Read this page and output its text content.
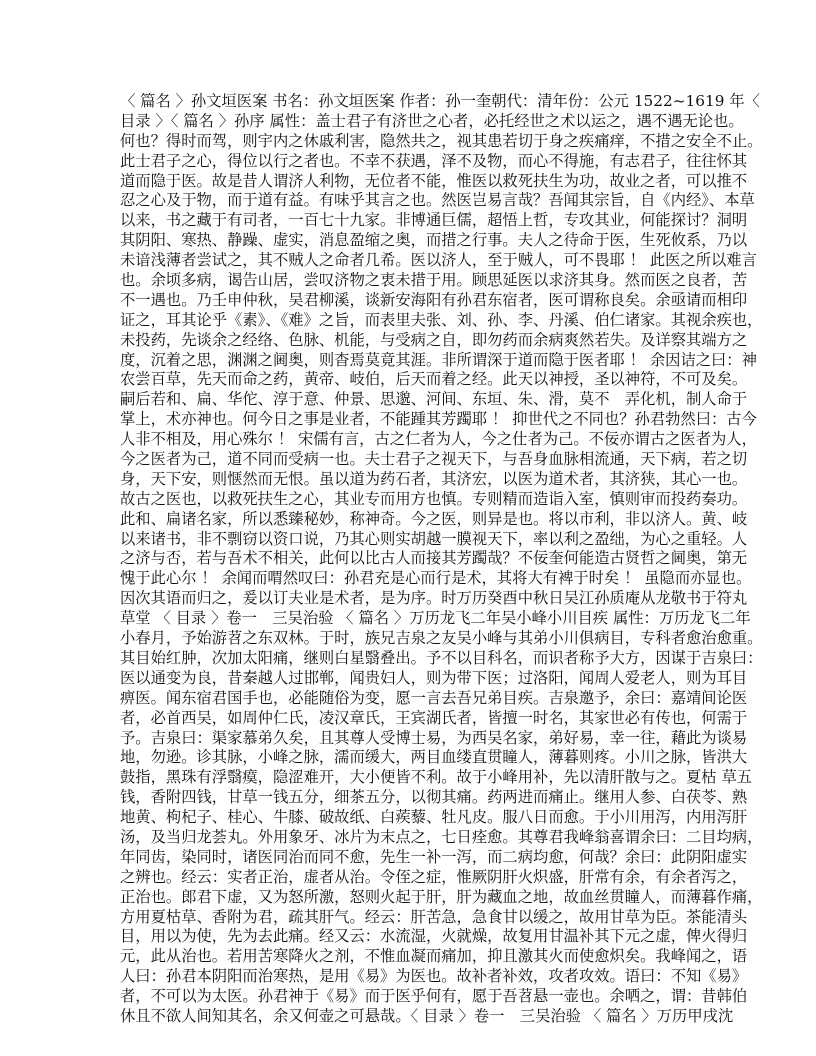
〈 篇名 〉孙文垣医案 书名：孙文垣医案 作者：孙一奎朝代：清年份：公元 1522~1619 年〈
目录 〉〈 篇名 〉孙序 属性：盖士君子有济世之心者，必托经世之术以运之，遇不遇无论也。
何也？得时而驾，则宇内之休戚利害，隐然共之，视其患若切于身之疾痛痒，不措之安全不止。
此士君子之心，得位以行之者也。不幸不获遇，泽不及物，而心不得施，有志君子，往往怀其
道而隐于医。故是昔人谓济人利物，无位者不能，惟医以救死扶生为功，故业之者，可以推不
忍之心及于物，而于道有益。有味乎其言之也。然医岂易言哉？吾闻其宗旨，自《内经》、本草
以来，书之藏于有司者，一百七十九家。非博通巨儒，超悟上哲，专攻其业，何能探讨？洞明
其阴阳、寒热、静躁、虚实，消息盈缩之奥，而措之行事。夫人之待命于医，生死攸系，乃以
未谙浅薄者尝试之，其不贼人之命者几希。医以济人，至于贼人，可不畏耶 ！ 此医之所以难言
也。余顷多病，谒告山居，尝叹济物之衷未措于用。顾思延医以求济其身。然而医之良者，苦
不一遇也。乃壬申仲秋，吴君柳溪，谈新安海阳有孙君东宿者，医可谓称良矣。余亟请而相印
证之，耳其论乎《素》、《难》之旨，而表里夫张、刘、孙、李、丹溪、伯仁诸家。其视余疾也，
未投药，先谈余之经络、色脉、机能，与受病之自，即勿药而余病爽然若失。及详察其端方之
度，沉着之思，渊渊之阃奥，则杳焉莫竟其涯。非所谓深于道而隐于医者耶 ！ 余因诘之曰：神
农尝百草，先天而命之药，黄帝、岐伯，后天而着之经。此天以神授，圣以神符，不可及矣。
嗣后若和、扁、华佗、淳于意、仲景、思邈、河间、东垣、朱、滑，莫不　弄化机，制人命于
掌上，术亦神也。何今日之事是业者，不能踵其芳躅耶 ！ 抑世代之不同也？孙君勃然曰：古今
人非不相及，用心殊尔 ！ 宋儒有言，古之仁者为人，今之仕者为己。不佞亦谓古之医者为人，
今之医者为己，道不同而受病一也。夫士君子之视天下，与吾身血脉相流通，天下病，若之切
身，天下安，则惬然而无恨。虽以道为药石者，其济宏，以医为道术者，其济狭，其心一也。
故古之医也，以救死扶生之心，其业专而用方也慎。专则精而造诣入室，慎则审而投药奏功。
此和、扁诸名家，所以悉臻秘妙，称神奇。今之医，则异是也。将以市利，非以济人。黄、岐
以来诸书，非不剽窃以资口说，乃其心则实胡越一膜视天下，率以利之盈绌，为心之重轻。人
之济与否，若与吾术不相关，此何以比古人而接其芳躅哉？不佞奎何能造古贤哲之阃奥，第无
愧于此心尔 ！ 余闻而喟然叹曰：孙君充是心而行是术，其将大有裨于时矣 ！ 虽隐而亦显也。
因次其语而归之，爰以订夫业是术者，是为序。时万历癸酉中秋日吴江孙质庵从龙敬书于符丸
草堂 〈 目录 〉卷一　三吴治验 〈 篇名 〉万历龙飞二年吴小峰小川目疾 属性：万历龙飞二年
小春月，予始游苕之东双林。于时，族兄吉泉之友吴小峰与其弟小川俱病目，专科者愈治愈重。
其目始红肿，次加太阳痛，继则白星翳叠出。予不以目科名，而识者称予大方，因谋于吉泉曰：
医以通变为良，昔秦越人过邯郸，闻贵妇人，则为带下医；过洛阳，闻周人爱老人，则为耳目
痹医。闻东宿君国手也，必能随俗为变，愿一言去吾兄弟目疾。吉泉邀予，余曰：嘉靖间论医
者，必首西吴，如周仲仁氏，凌汉章氏，王宾湖氏者，皆擅一时名，其家世必有传也，何需于
予。吉泉曰：渠家慕弟久矣，且其尊人受博士易，为西吴名家，弟好易，幸一往，藉此为谈易
地，勿逊。诊其脉，小峰之脉，濡而缓大，两目血缕直贯瞳人，薄暮则疼。小川之脉，皆洪大
鼓指，黑珠有浮翳瘼，隐涩难开，大小便皆不利。故于小峰用补，先以清肝散与之。夏枯 草五
钱，香附四钱，甘草一钱五分，细茶五分，以彻其痛。药两进而痛止。继用人参、白茯苓、熟
地黄、枸杞子、桂心、牛膝、破故纸、白蒺藜、牡凡皮。服八日而愈。于小川用泻，内用泻肝
汤，及当归龙荟丸。外用象牙、冰片为末点之，七日痊愈。其尊君我峰翁喜谓余曰：二目均病，
年同齿，染同时，诸医同治而同不愈，先生一补一泻，而二病均愈，何哉？余曰：此阴阳虚实
之辨也。经云：实者正治，虚者从治。令侄之症，惟厥阴肝火炽盛，肝常有余，有余者泻之，
正治也。郎君下虚，又为怒所激，怒则火起于肝，肝为藏血之地，故血丝贯瞳人，而薄暮作痛，
方用夏枯草、香附为君，疏其肝气。经云：肝苦急，急食甘以缓之，故用甘草为臣。茶能清头
目，用以为使，先为去此痛。经又云：水流湿，火就燥，故复用甘温补其下元之虚，俾火得归
元，此从治也。若用苦寒降火之剂，不惟血凝而痛加，抑且激其火而使愈炽矣。我峰闻之，语
人曰：孙君本阴阳而治寒热，是用《易》为医也。故补者补效，攻者攻效。语曰：不知《易》
者，不可以为太医。孙君神于《易》而于医乎何有，愿于吾苕悬一壶也。余哂之，谓：昔韩伯
休且不欲人间知其名，余又何壶之可悬哉。〈 目录 〉卷一　三吴治验 〈 篇名 〉万历甲戌沈
